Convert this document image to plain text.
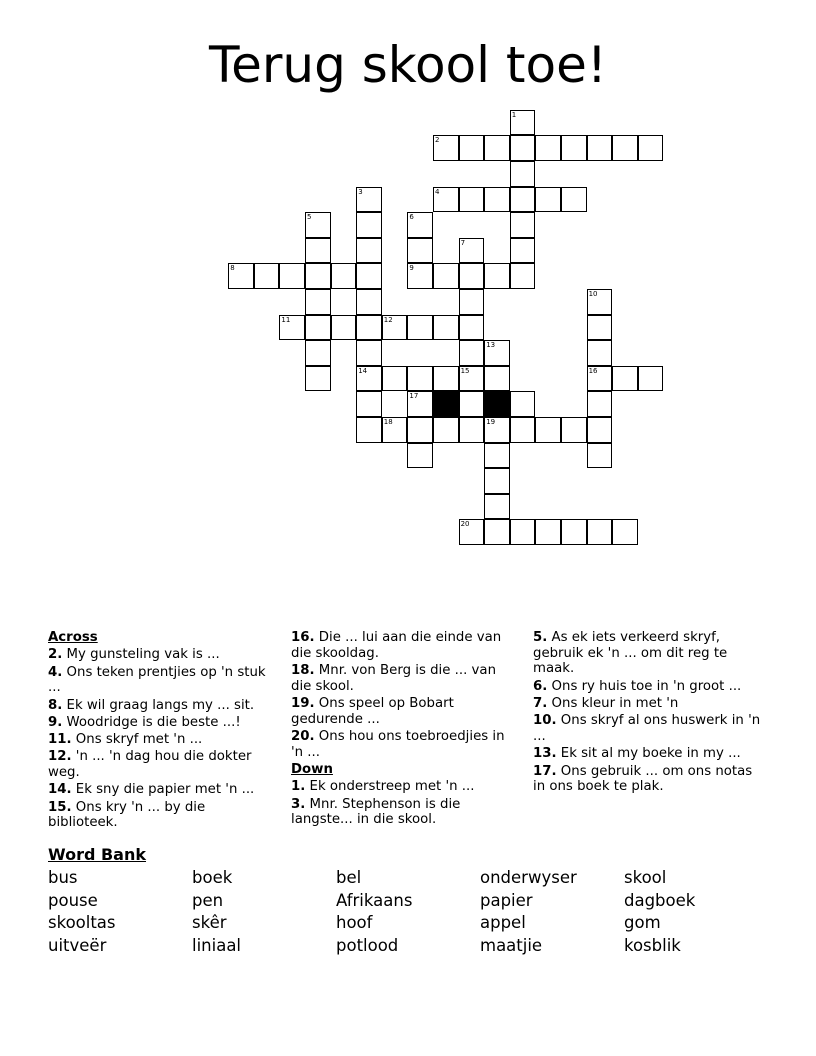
Terug skool toe!
1
2
3	4
5	6
7
8	9
10
11	12
13
14	15	16
17
18	19
20

Across

2. My gunsteling vak is ...

4. Ons teken prentjies op 'n stuk ...

8. Ek wil graag langs my ... sit.

9. Woodridge is die beste ...!

11. Ons skryf met 'n ...

12. 'n ... 'n dag hou die dokter weg.

14. Ek sny die papier met 'n ...

15. Ons kry 'n ... by die biblioteek.

16. Die ... lui aan die einde van die skooldag.

18. Mnr. von Berg is die ... van die skool.

19. Ons speel op Bobart gedurende ...

20. Ons hou ons toebroedjies in 'n ...

Down

1. Ek onderstreep met 'n ...

3. Mnr. Stephenson is die langste... in die skool.

5. As ek iets verkeerd skryf, gebruik ek 'n ... om dit reg te maak.

6. Ons ry huis toe in 'n groot ...

7. Ons kleur in met 'n

10. Ons skryf al ons huswerk in 'n ...

13. Ek sit al my boeke in my ...

17. Ons gebruik ... om ons notas in ons boek te plak.

Word Bank

bus	boek	bel	onderwyser	skool
pouse	pen	Afrikaans	papier	dagboek
skooltas	skêr	hoof	appel	gom
uitveër	liniaal	potlood	maatjie	kosblik
